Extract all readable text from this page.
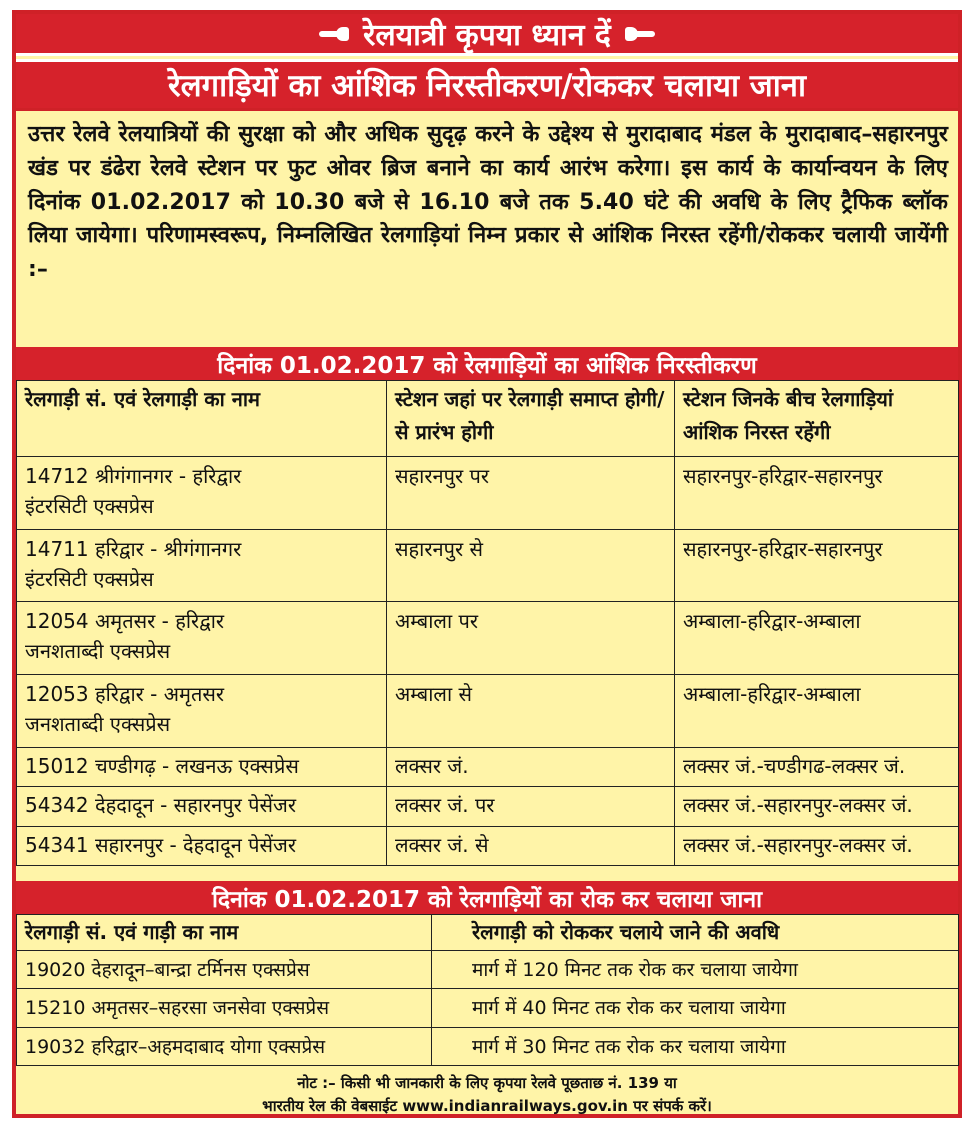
रेलयात्री कृपया ध्यान दें
रेलगाड़ियों का आंशिक निरस्तीकरण/रोककर चलाया जाना
उत्तर रेलवे रेलयात्रियों की सुरक्षा को और अधिक सुदृढ़ करने के उद्देश्य से मुरादाबाद मंडल के मुरादाबाद–सहारनपुर खंड पर डंढेरा रेलवे स्टेशन पर फुट ओवर ब्रिज बनाने का कार्य आरंभ करेगा। इस कार्य के कार्यान्वयन के लिए दिनांक 01.02.2017 को 10.30 बजे से 16.10 बजे तक 5.40 घंटे की अवधि के लिए ट्रैफिक ब्लॉक लिया जायेगा। परिणामस्वरूप, निम्नलिखित रेलगाड़ियां निम्न प्रकार से आंशिक निरस्त रहेंगी/रोककर चलायी जायेंगी :–
दिनांक 01.02.2017 को रेलगाड़ियों का आंशिक निरस्तीकरण
रेलगाड़ी सं. एवं रेलगाड़ी का नाम	स्टेशन जहां पर रेलगाड़ी समाप्त होगी/से प्रारंभ होगी	स्टेशन जिनके बीच रेलगाड़ियां आंशिक निरस्त रहेंगी
14712 श्रीगंगानगर - हरिद्वार
इंटरसिटी एक्सप्रेस	सहारनपुर पर	सहारनपुर-हरिद्वार-सहारनपुर
14711 हरिद्वार - श्रीगंगानगर
इंटरसिटी एक्सप्रेस	सहारनपुर से	सहारनपुर-हरिद्वार-सहारनपुर
12054 अमृतसर - हरिद्वार
जनशताब्दी एक्सप्रेस	अम्बाला पर	अम्बाला-हरिद्वार-अम्बाला
12053 हरिद्वार - अमृतसर
जनशताब्दी एक्सप्रेस	अम्बाला से	अम्बाला-हरिद्वार-अम्बाला
15012 चण्डीगढ़ - लखनऊ एक्सप्रेस	लक्सर जं.	लक्सर जं.-चण्डीगढ-लक्सर जं.
54342 देहदादून - सहारनपुर पेसेंजर	लक्सर जं. पर	लक्सर जं.-सहारनपुर-लक्सर जं.
54341 सहारनपुर - देहदादून पेसेंजर	लक्सर जं. से	लक्सर जं.-सहारनपुर-लक्सर जं.
दिनांक 01.02.2017 को रेलगाड़ियों का रोक कर चलाया जाना
रेलगाड़ी सं. एवं गाड़ी का नाम	रेलगाड़ी को रोककर चलाये जाने की अवधि
19020 देहरादून–बान्द्रा टर्मिनस एक्सप्रेस	मार्ग में 120 मिनट तक रोक कर चलाया जायेगा
15210 अमृतसर–सहरसा जनसेवा एक्सप्रेस	मार्ग में 40 मिनट तक रोक कर चलाया जायेगा
19032 हरिद्वार–अहमदाबाद योगा एक्सप्रेस	मार्ग में 30 मिनट तक रोक कर चलाया जायेगा
नोट :– किसी भी जानकारी के लिए कृपया रेलवे पूछताछ नं. 139 या
भारतीय रेल की वेबसाईट www.indianrailways.gov.in पर संपर्क करें।
